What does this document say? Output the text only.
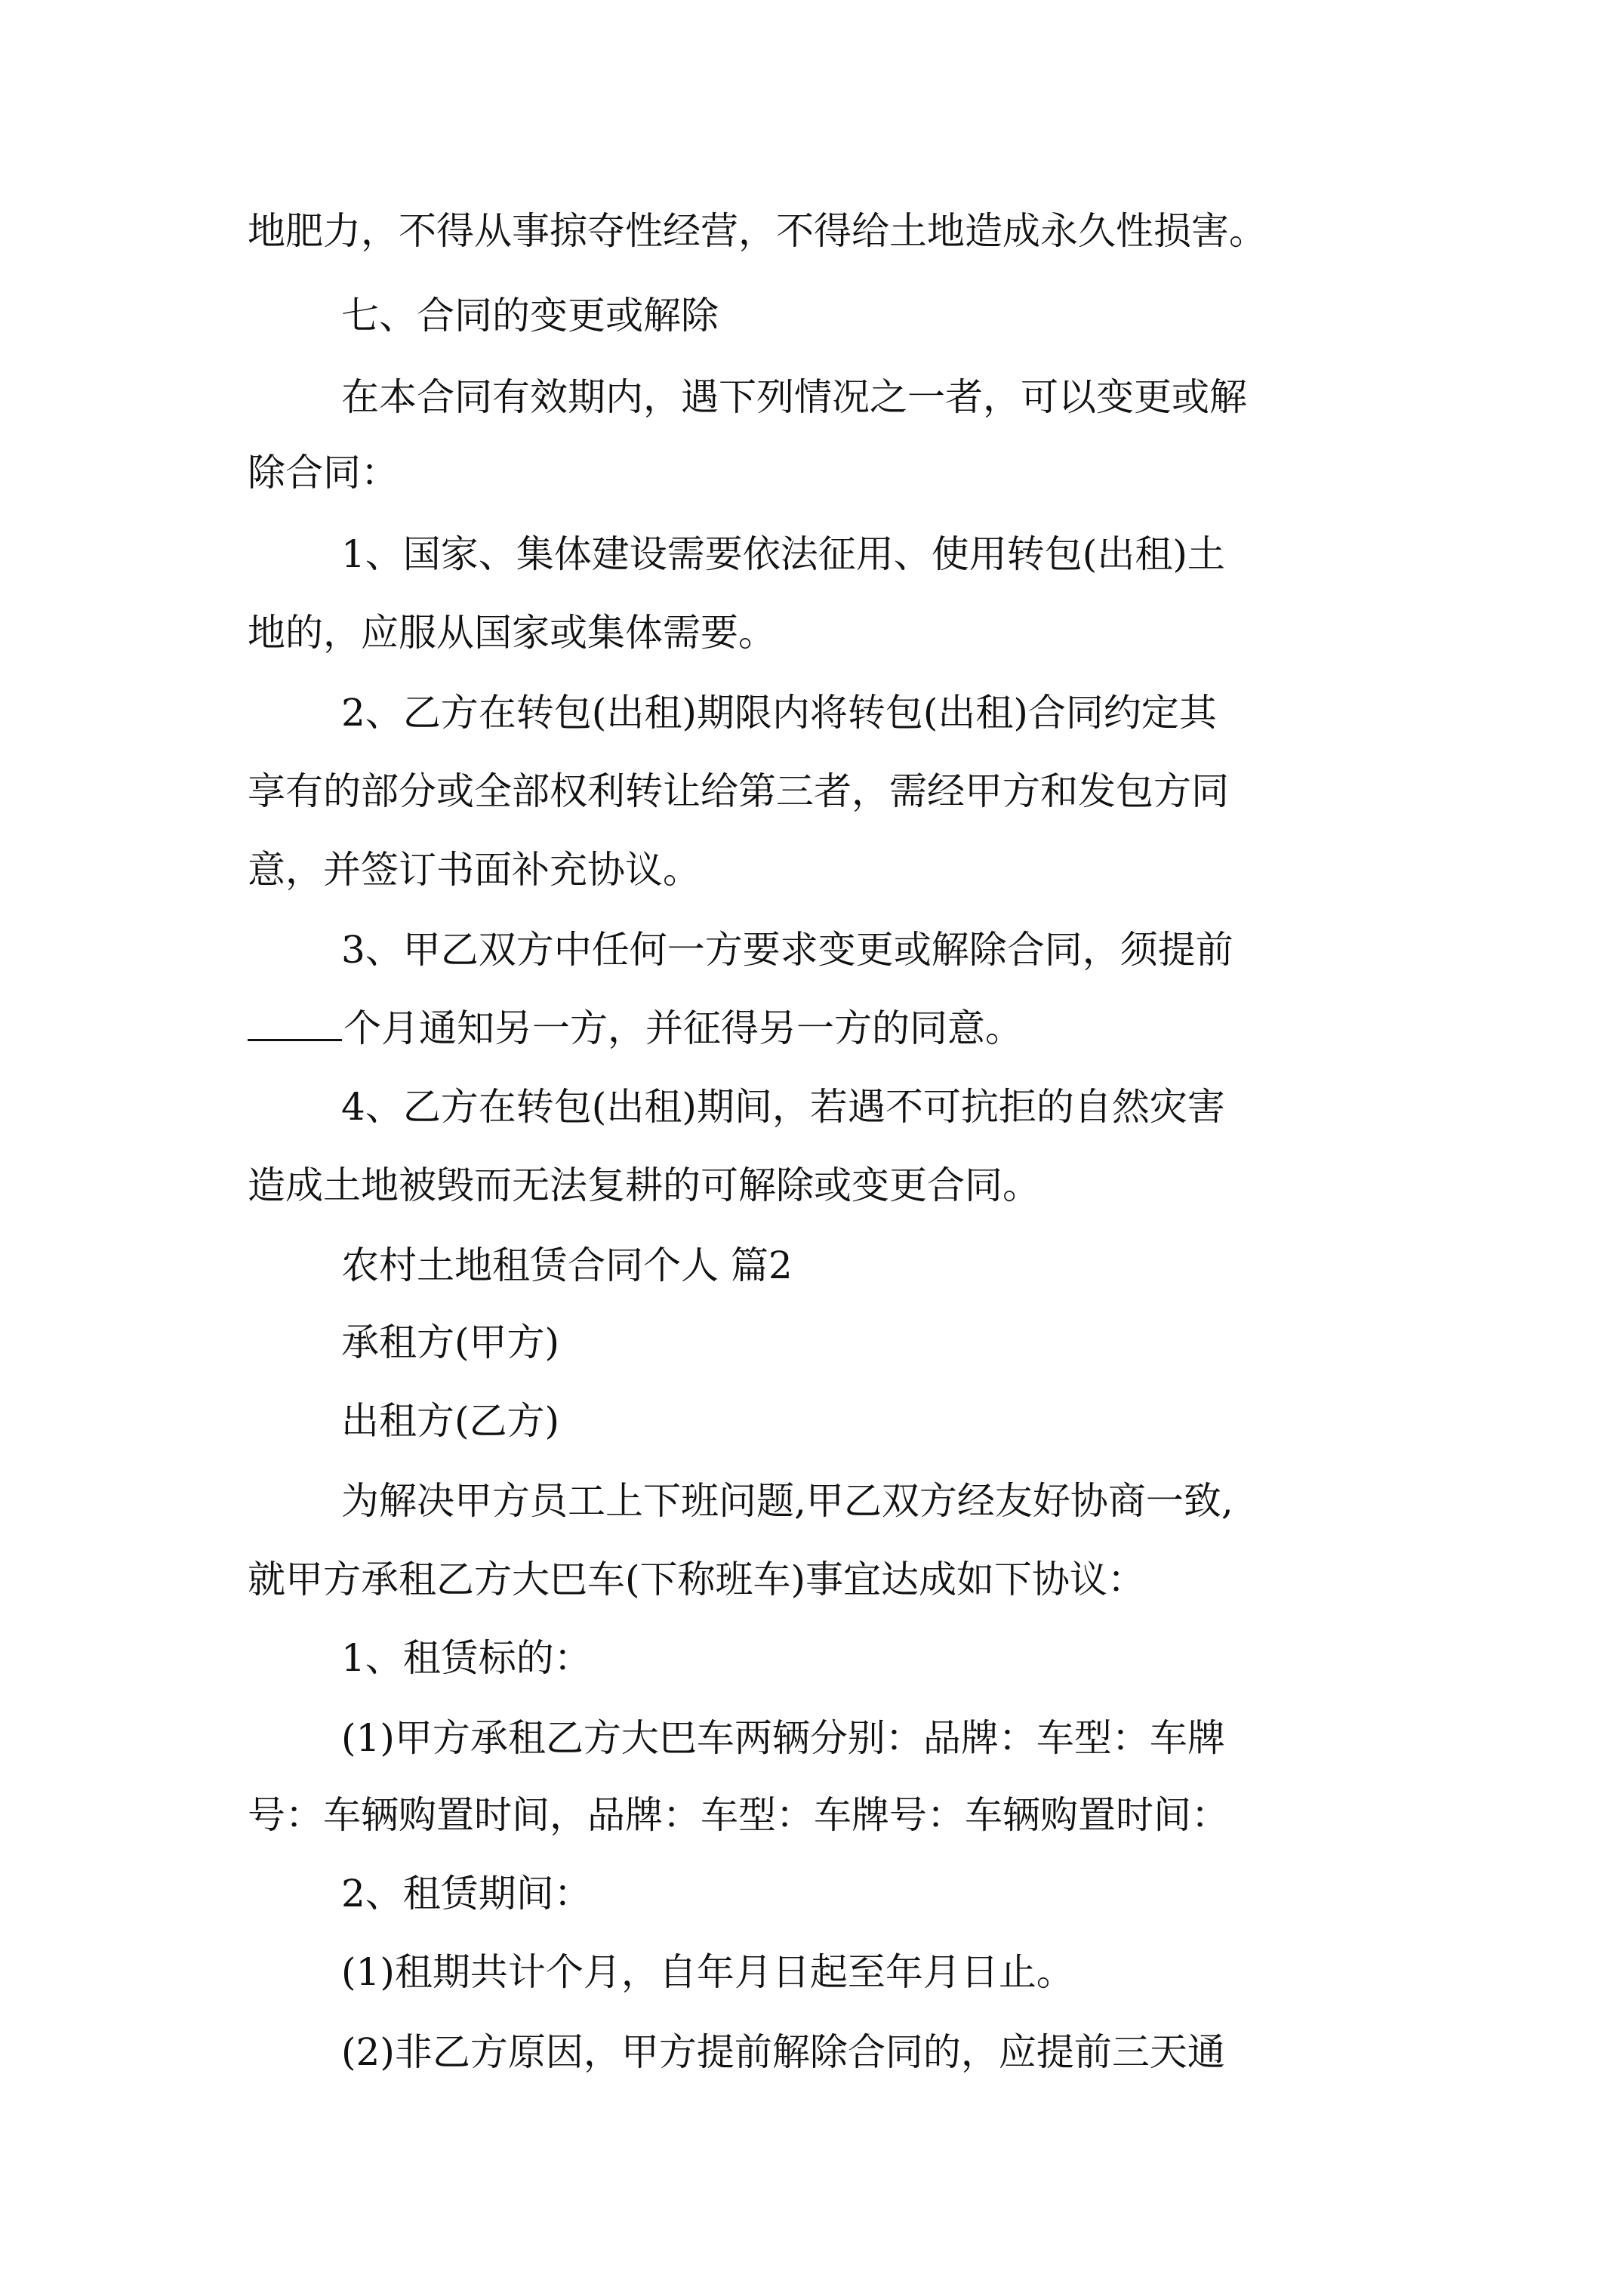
地肥力，不得从事掠夺性经营，不得给土地造成永久性损害。
七、合同的变更或解除
在本合同有效期内，遇下列情况之一者，可以变更或解
除合同：
1、国家、集体建设需要依法征用、使用转包(出租)土
地的，应服从国家或集体需要。
2、乙方在转包(出租)期限内将转包(出租)合同约定其
享有的部分或全部权利转让给第三者，需经甲方和发包方同
意，并签订书面补充协议。
3、甲乙双方中任何一方要求变更或解除合同，须提前
个月通知另一方，并征得另一方的同意。
4、乙方在转包(出租)期间，若遇不可抗拒的自然灾害
造成土地被毁而无法复耕的可解除或变更合同。
农村土地租赁合同个人 篇2
承租方(甲方)
出租方(乙方)
为解决甲方员工上下班问题,甲乙双方经友好协商一致,
就甲方承租乙方大巴车(下称班车)事宜达成如下协议：
1、租赁标的：
(1)甲方承租乙方大巴车两辆分别：品牌：车型：车牌
号：车辆购置时间，品牌：车型：车牌号：车辆购置时间：
2、租赁期间：
(1)租期共计个月，自年月日起至年月日止。
(2)非乙方原因，甲方提前解除合同的，应提前三天通
